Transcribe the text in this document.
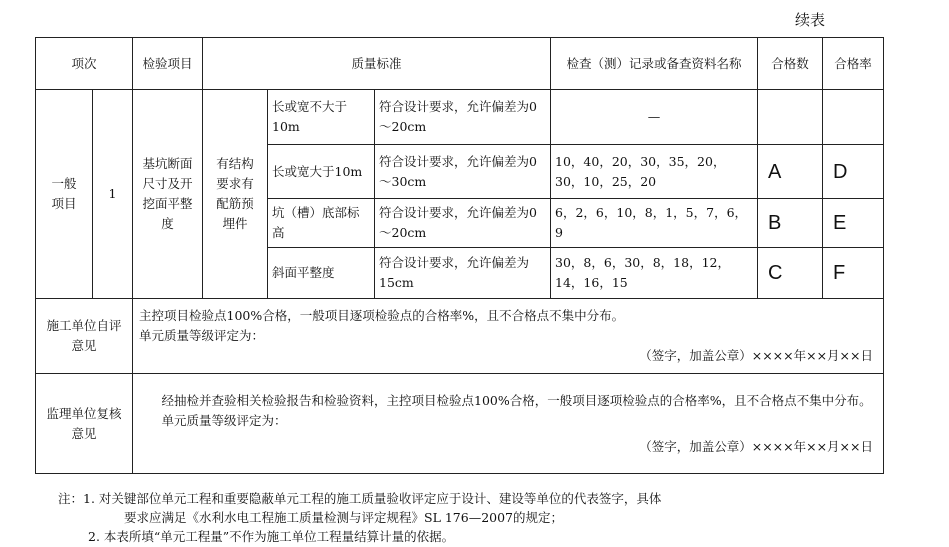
续表
项次		检验项目	质量标准			检查（测）记录或备查资料名称	合格数	合格率
一般项目	1	基坑断面尺寸及开挖面平整度	有结构要求有配筋预埋件	长或宽不大于10m	符合设计要求，允许偏差为0～20cm	—		
				长或宽大于10m	符合设计要求，允许偏差为0～30cm	10，40，20，30，35，20，30，10，25，20	A	D
				坑（槽）底部标高	符合设计要求，允许偏差为0～20cm	6，2，6，10，8，1，5，7，6，9	B	E
				斜面平整度	符合设计要求，允许偏差为15cm	30，8，6，30，8，18，12，14，16，15	C	F
施工单位自评意见		主控项目检验点100%合格，一般项目逐项检验点的合格率%，且不合格点不集中分布。
单元质量等级评定为：
（签字，加盖公章）××××年××月××日						

监理单位复核意见		经抽检并查验相关检验报告和检验资料，主控项目检验点100%合格，一般项目逐项检验点的合格率%，且不合格点不集中分布。
单元质量等级评定为：
（签字，加盖公章）××××年××月××日						
注：1. 对关键部位单元工程和重要隐蔽单元工程的施工质量验收评定应于设计、建设等单位的代表签字，具体
要求应满足《水利水电工程施工质量检测与评定规程》SL 176—2007的规定；
2. 本表所填“单元工程量”不作为施工单位工程量结算计量的依据。
